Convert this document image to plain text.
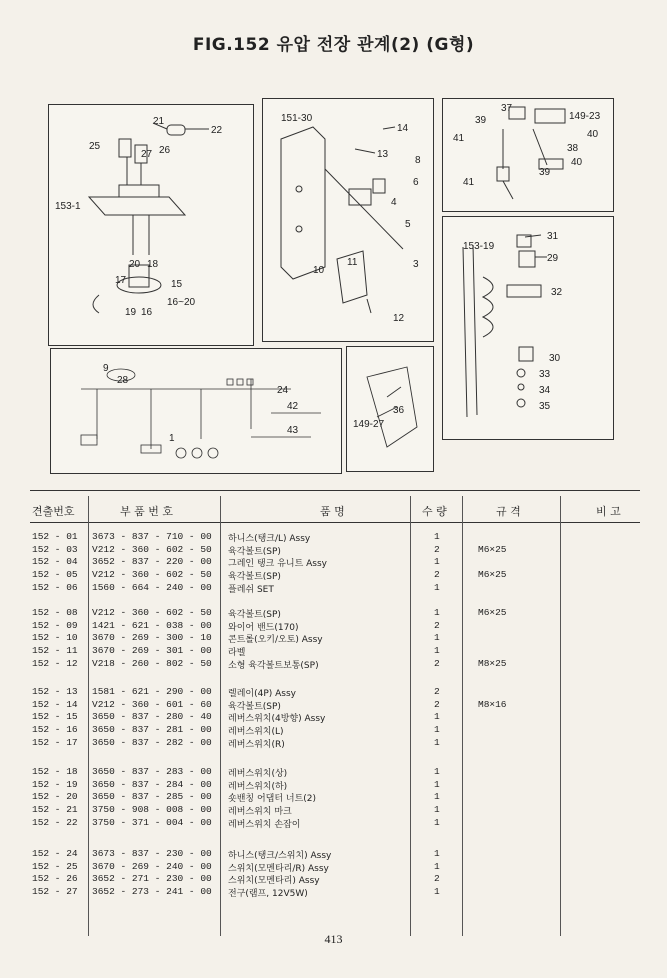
FIG.152 유압 전장 관계(2) (G형)
21
22
25
27 26
153-1
20 18
17	15
16~20
19 16
151-30
14
13
8
6
4
5
11
10
3
12
37
149-23
39
41	40
38
40
41
39
153-19
31
29
32
30
33
34
35
9
28
24
42
43
1
36
149-27
견출번호	부 품 번 호	품 명	수 량	규 격	비 고
152 - 01 3673 - 837 - 710 - 00 하니스(탱크/L) Assy	1
152 - 03 V212 - 360 - 602 - 50 육각볼트(SP)	2	M6×25
152 - 04 3652 - 837 - 220 - 00 그레인 탱크 유니트 Assy	1
152 - 05 V212 - 360 - 602 - 50 육각볼트(SP)	2	M6×25
152 - 06 1560 - 664 - 240 - 00 플레쉬 SET	1
152 - 08 V212 - 360 - 602 - 50 육각볼트(SP)	1	M6×25
152 - 09 1421 - 621 - 038 - 00 와이어 밴드(170)	2
152 - 10 3670 - 269 - 300 - 10 콘트롤(오키/오토) Assy	1
152 - 11 3670 - 269 - 301 - 00 라벨	1
152 - 12 V218 - 260 - 802 - 50 소형 육각볼트보통(SP)	2	M8×25
152 - 13 1581 - 621 - 290 - 00 렐레이(4P) Assy	2
152 - 14 V212 - 360 - 601 - 60 육각볼트(SP)	2	M8×16
152 - 15 3650 - 837 - 280 - 40 레버스위치(4방향) Assy	1
152 - 16 3650 - 837 - 281 - 00 레버스위치(L)	1
152 - 17 3650 - 837 - 282 - 00 레버스위치(R)	1
152 - 18 3650 - 837 - 283 - 00 레버스위치(상)	1
152 - 19 3650 - 837 - 284 - 00 레버스위치(하)	1
152 - 20 3650 - 837 - 285 - 00 숏밴칭 어댑터 너트(2)	1
152 - 21 3750 - 908 - 008 - 00 레버스위치 마크	1
152 - 22 3750 - 371 - 004 - 00 레버스위치 손잡이	1
152 - 24 3673 - 837 - 230 - 00 하니스(탱크/스위치) Assy	1
152 - 25 3670 - 269 - 240 - 00 스위치(모멘타리/R) Assy	1
152 - 26 3652 - 271 - 230 - 00 스위치(모멘타리) Assy	2
152 - 27 3652 - 273 - 241 - 00 전구(램프, 12V5W)	1
413
